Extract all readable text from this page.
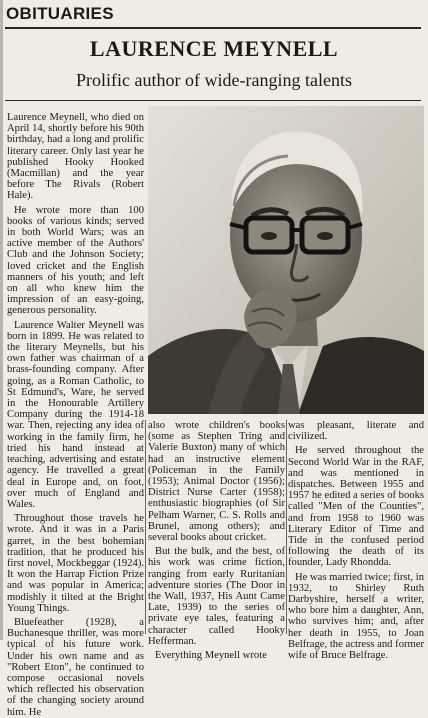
OBITUARIES
LAURENCE MEYNELL
Prolific author of wide-ranging talents

Laurence Meynell, who died on April 14, shortly before his 90th birthday, had a long and prolific literary career. Only last year he published Hooky Hooked (Macmillan) and the year before The Rivals (Robert Hale).

He wrote more than 100 books of various kinds; served in both World Wars; was an active member of the Authors' Club and the Johnson Society; loved cricket and the English manners of his youth; and left on all who knew him the impression of an easy-going, generous personality.

Laurence Walter Meynell was born in 1899. He was related to the literary Meynells, but his own father was chairman of a brass-founding company. After going, as a Roman Catholic, to St Edmund's, Ware, he served in the Honourable Artillery Company during the 1914-18 war. Then, rejecting any idea of working in the family firm, he tried his hand instead at teaching, advertising and estate agency. He travelled a great deal in Europe and, on foot, over much of England and Wales.

Throughout those travels he wrote. And it was in a Paris garret, in the best bohemian tradition, that he produced his first novel, Mockbeggar (1924). It won the Harrap Fiction Prize and was popular in America; modishly it tilted at the Bright Young Things.

Bluefeather (1928), a Buchanesque thriller, was more typical of his future work. Under his own name and as "Robert Eton", he continued to compose occasional novels which reflected his observation of the changing society around him. He

also wrote children's books (some as Stephen Tring and Valerie Buxton) many of which had an instructive element (Policeman in the Family (1953); Animal Doctor (1956); District Nurse Carter (1958); enthusiastic biographies (of Sir Pelham Warner, C. S. Rolls and Brunel, among others); and several books about cricket.

But the bulk, and the best, of his work was crime fiction, ranging from early Ruritanian adventure stories (The Door in the Wall, 1937, His Aunt Came Late, 1939) to the series of private eye tales, featuring a character called Hooky Hefferman.

Everything Meynell wrote

was pleasant, literate and civilized.

He served throughout the Second World War in the RAF, and was mentioned in dispatches. Between 1955 and 1957 he edited a series of books called "Men of the Counties", and from 1958 to 1960 was Literary Editor of Time and Tide in the confused period following the death of its founder, Lady Rhondda.

He was married twice; first, in 1932, to Shirley Ruth Darbyshire, herself a writer, who bore him a daughter, Ann, who survives him; and, after her death in 1955, to Joan Belfrage, the actress and former wife of Bruce Belfrage.
